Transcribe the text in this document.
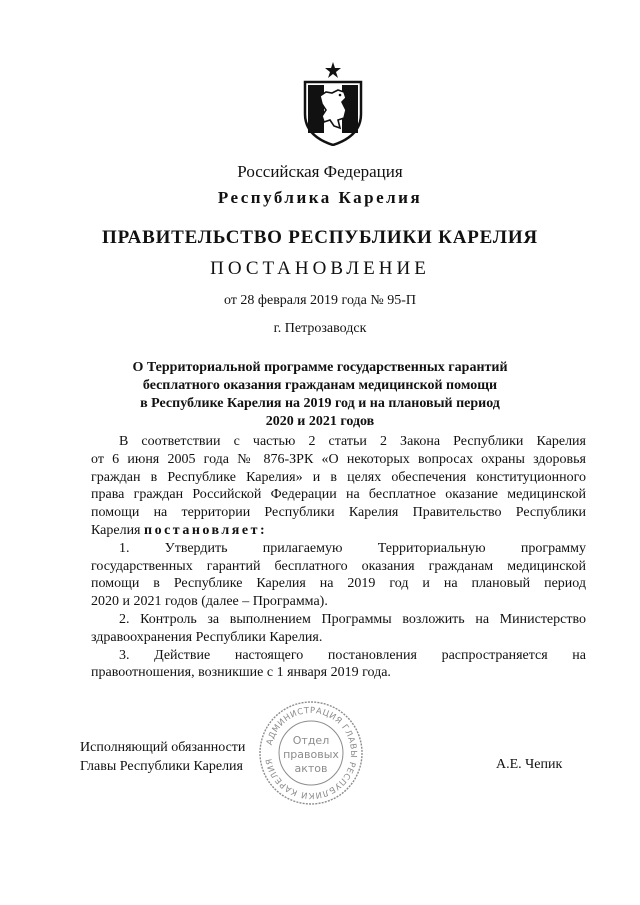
Российская Федерация
Республика Карелия
ПРАВИТЕЛЬСТВО РЕСПУБЛИКИ КАРЕЛИЯ
ПОСТАНОВЛЕНИЕ
от 28 февраля 2019 года № 95-П
г. Петрозаводск
О Территориальной программе государственных гарантий
бесплатного оказания гражданам медицинской помощи
в Республике Карелия на 2019 год и на плановый период
2020 и 2021 годов
В соответствии с частью 2 статьи 2 Закона Республики Карелия
от 6 июня 2005 года № 876-ЗРК «О некоторых вопросах охраны здоровья
граждан в Республике Карелия» и в целях обеспечения конституционного
права граждан Российской Федерации на бесплатное оказание медицинской
помощи на территории Республики Карелия Правительство Республики
Карелия постановляет:
1. Утвердить прилагаемую Территориальную программу
государственных гарантий бесплатного оказания гражданам медицинской
помощи в Республике Карелия на 2019 год и на плановый период
2020 и 2021 годов (далее – Программа).
2. Контроль за выполнением Программы возложить на Министерство
здравоохранения Республики Карелия.
3. Действие настоящего постановления распространяется на
правоотношения, возникшие с 1 января 2019 года.
Исполняющий обязанности
Главы Республики Карелия	А.Е. Чепик
АДМИНИСТРАЦИЯ ГЛАВЫ РЕСПУБЛИКИ КАРЕЛИЯ
Отдел
правовых
актов
